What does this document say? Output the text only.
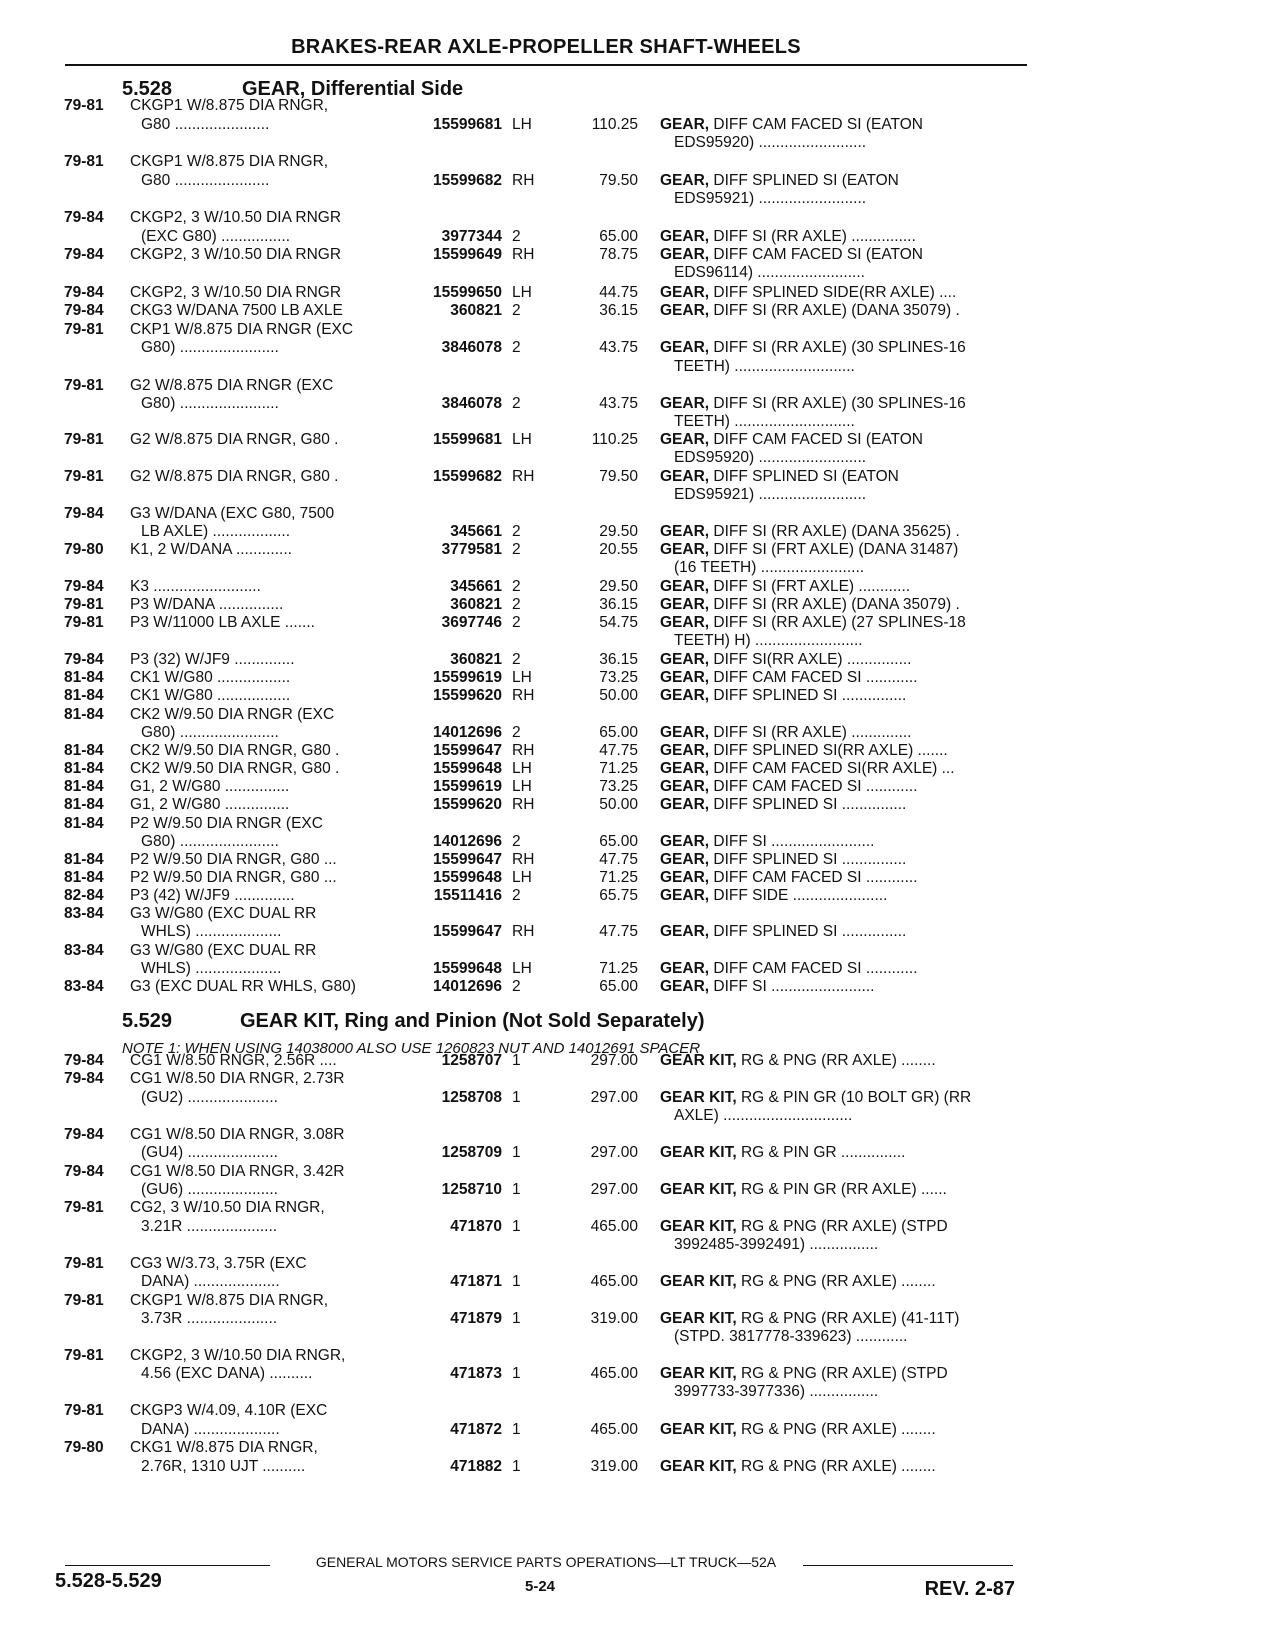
BRAKES-REAR AXLE-PROPELLER SHAFT-WHEELS
5.528	GEAR, Differential Side
5.529	GEAR KIT, Ring and Pinion (Not Sold Separately)
NOTE 1: WHEN USING 14038000 ALSO USE 1260823 NUT AND 14012691 SPACER
79-81	CKGP1 W/8.875 DIA RNGR,
G80 ......................	15599681 LH	110.25 GEAR, DIFF CAM FACED SI (EATON
EDS95920) .........................
79-81	CKGP1 W/8.875 DIA RNGR,
G80 ......................	15599682 RH	79.50 GEAR, DIFF SPLINED SI (EATON
EDS95921) .........................
79-84	CKGP2, 3 W/10.50 DIA RNGR
(EXC G80) ................	3977344 2	65.00 GEAR, DIFF SI (RR AXLE) ...............
79-84	CKGP2, 3 W/10.50 DIA RNGR	15599649 RH	78.75 GEAR, DIFF CAM FACED SI (EATON
EDS96114) .........................
79-84	CKGP2, 3 W/10.50 DIA RNGR	15599650 LH	44.75 GEAR, DIFF SPLINED SIDE(RR AXLE) ....
79-84	CKG3 W/DANA 7500 LB AXLE	360821 2	36.15 GEAR, DIFF SI (RR AXLE) (DANA 35079) .
79-81	CKP1 W/8.875 DIA RNGR (EXC
G80) .......................	3846078 2	43.75 GEAR, DIFF SI (RR AXLE) (30 SPLINES-16
TEETH) ............................
79-81	G2 W/8.875 DIA RNGR (EXC
G80) .......................	3846078 2	43.75 GEAR, DIFF SI (RR AXLE) (30 SPLINES-16
TEETH) ............................
79-81	G2 W/8.875 DIA RNGR, G80 .	15599681 LH	110.25 GEAR, DIFF CAM FACED SI (EATON
EDS95920) .........................
79-81	G2 W/8.875 DIA RNGR, G80 .	15599682 RH	79.50 GEAR, DIFF SPLINED SI (EATON
EDS95921) .........................
79-84	G3 W/DANA (EXC G80, 7500
LB AXLE) ..................	345661 2	29.50 GEAR, DIFF SI (RR AXLE) (DANA 35625) .
79-80	K1, 2 W/DANA .............	3779581 2	20.55 GEAR, DIFF SI (FRT AXLE) (DANA 31487)
(16 TEETH) ........................
79-84	K3 .........................	345661 2	29.50 GEAR, DIFF SI (FRT AXLE) ............
79-81	P3 W/DANA ...............	360821 2	36.15 GEAR, DIFF SI (RR AXLE) (DANA 35079) .
79-81	P3 W/11000 LB AXLE .......	3697746 2	54.75 GEAR, DIFF SI (RR AXLE) (27 SPLINES-18
TEETH) H) .........................
79-84	P3 (32) W/JF9 ..............	360821 2	36.15 GEAR, DIFF SI(RR AXLE) ...............
81-84	CK1 W/G80 .................	15599619 LH	73.25 GEAR, DIFF CAM FACED SI ............
81-84	CK1 W/G80 .................	15599620 RH	50.00 GEAR, DIFF SPLINED SI ...............
81-84	CK2 W/9.50 DIA RNGR (EXC
G80) .......................	14012696 2	65.00 GEAR, DIFF SI (RR AXLE) ..............
81-84	CK2 W/9.50 DIA RNGR, G80 .	15599647 RH	47.75 GEAR, DIFF SPLINED SI(RR AXLE) .......
81-84	CK2 W/9.50 DIA RNGR, G80 .	15599648 LH	71.25 GEAR, DIFF CAM FACED SI(RR AXLE) ...
81-84	G1, 2 W/G80 ...............	15599619 LH	73.25 GEAR, DIFF CAM FACED SI ............
81-84	G1, 2 W/G80 ...............	15599620 RH	50.00 GEAR, DIFF SPLINED SI ...............
81-84	P2 W/9.50 DIA RNGR (EXC
G80) .......................	14012696 2	65.00 GEAR, DIFF SI ........................
81-84	P2 W/9.50 DIA RNGR, G80 ...	15599647 RH	47.75 GEAR, DIFF SPLINED SI ...............
81-84	P2 W/9.50 DIA RNGR, G80 ...	15599648 LH	71.25 GEAR, DIFF CAM FACED SI ............
82-84	P3 (42) W/JF9 ..............	15511416 2	65.75 GEAR, DIFF SIDE ......................
83-84	G3 W/G80 (EXC DUAL RR
WHLS) ....................	15599647 RH	47.75 GEAR, DIFF SPLINED SI ...............
83-84	G3 W/G80 (EXC DUAL RR
WHLS) ....................	15599648 LH	71.25 GEAR, DIFF CAM FACED SI ............
83-84	G3 (EXC DUAL RR WHLS, G80)	14012696 2	65.00 GEAR, DIFF SI ........................
79-84	CG1 W/8.50 RNGR, 2.56R ....	1258707 1	297.00 GEAR KIT, RG & PNG (RR AXLE) ........
79-84	CG1 W/8.50 DIA RNGR, 2.73R
(GU2) .....................	1258708 1	297.00 GEAR KIT, RG & PIN GR (10 BOLT GR) (RR
AXLE) ..............................
79-84	CG1 W/8.50 DIA RNGR, 3.08R
(GU4) .....................	1258709 1	297.00 GEAR KIT, RG & PIN GR ...............
79-84	CG1 W/8.50 DIA RNGR, 3.42R
(GU6) .....................	1258710 1	297.00 GEAR KIT, RG & PIN GR (RR AXLE) ......
79-81	CG2, 3 W/10.50 DIA RNGR,
3.21R .....................	471870 1	465.00 GEAR KIT, RG & PNG (RR AXLE) (STPD
3992485-3992491) ................
79-81	CG3 W/3.73, 3.75R (EXC
DANA) ....................	471871 1	465.00 GEAR KIT, RG & PNG (RR AXLE) ........
79-81	CKGP1 W/8.875 DIA RNGR,
3.73R .....................	471879 1	319.00 GEAR KIT, RG & PNG (RR AXLE) (41-11T)
(STPD. 3817778-339623) ............
79-81	CKGP2, 3 W/10.50 DIA RNGR,
4.56 (EXC DANA) ..........	471873 1	465.00 GEAR KIT, RG & PNG (RR AXLE) (STPD
3997733-3977336) ................
79-81	CKGP3 W/4.09, 4.10R (EXC
DANA) ....................	471872 1	465.00 GEAR KIT, RG & PNG (RR AXLE) ........
79-80	CKG1 W/8.875 DIA RNGR,
2.76R, 1310 UJT ..........	471882 1	319.00 GEAR KIT, RG & PNG (RR AXLE) ........
GENERAL MOTORS SERVICE PARTS OPERATIONS—LT TRUCK—52A
5.528-5.529	5-24	REV. 2-87
